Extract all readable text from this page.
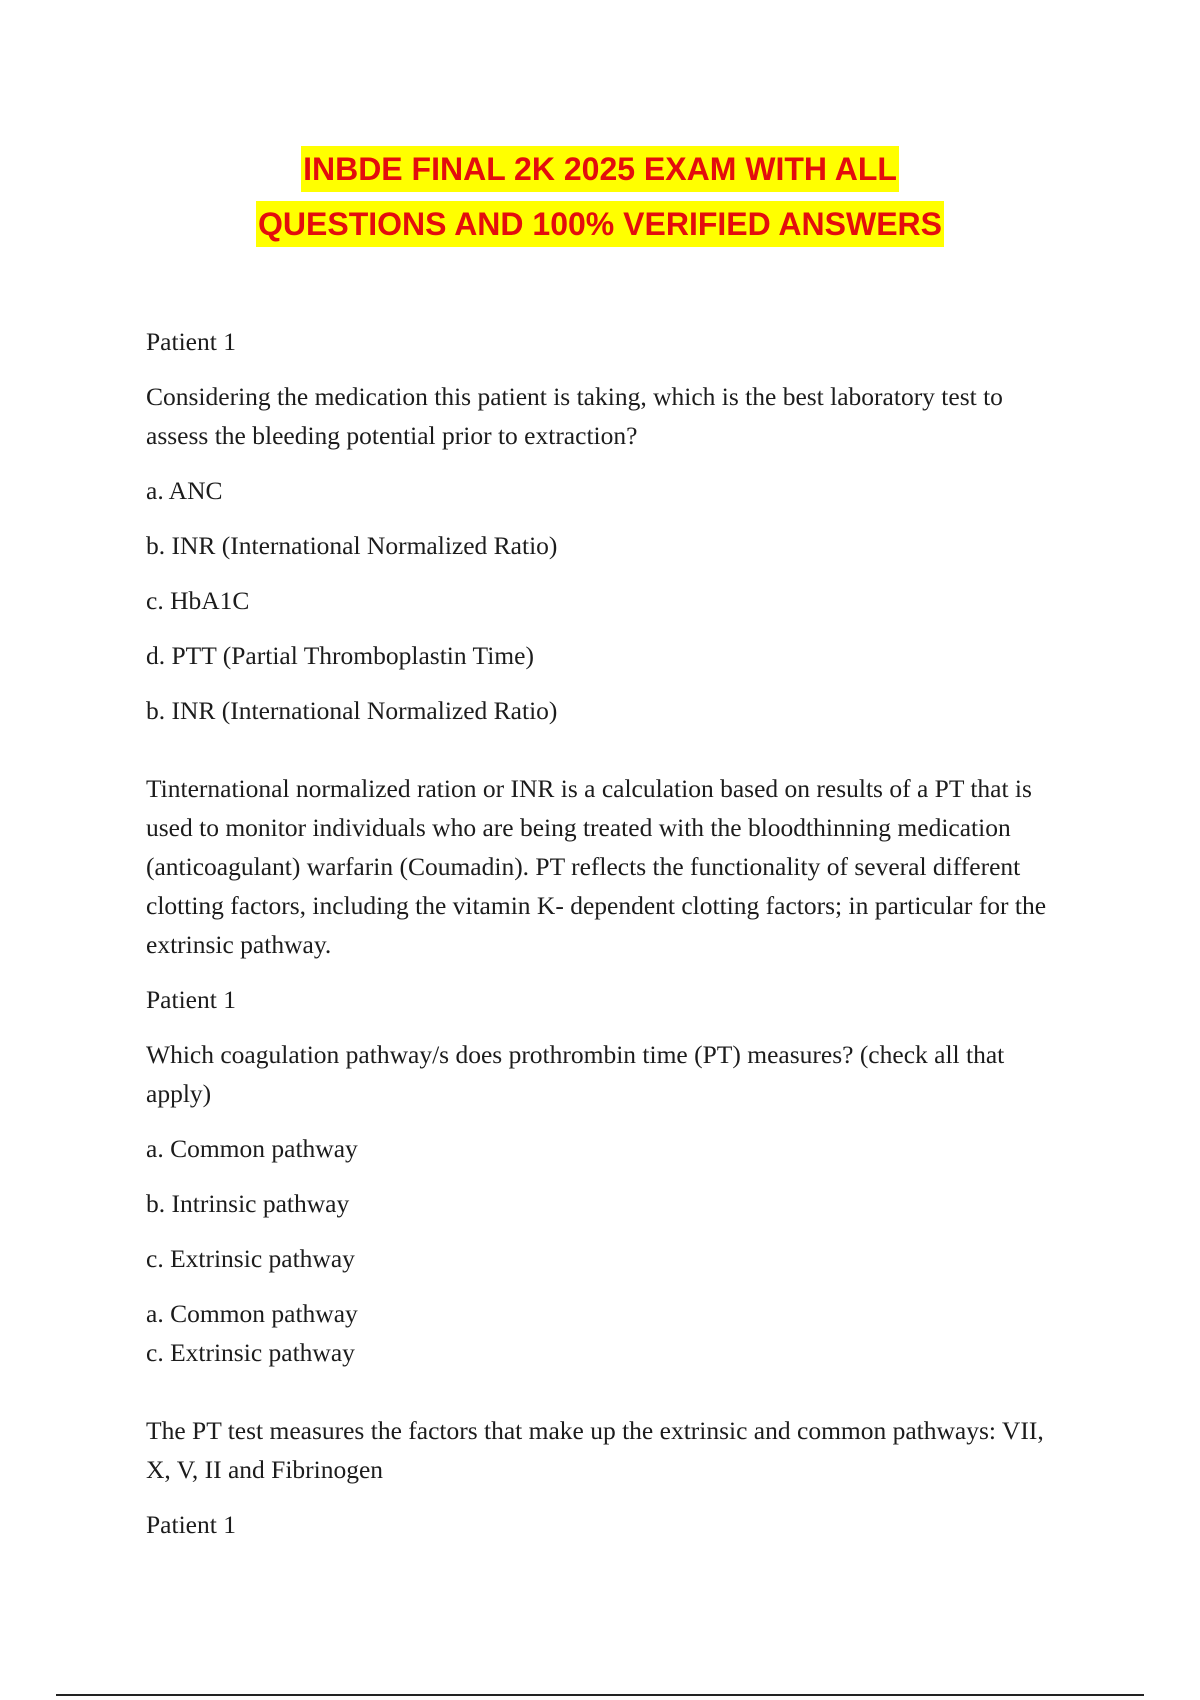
INBDE FINAL 2K 2025 EXAM WITH ALL
QUESTIONS AND 100% VERIFIED ANSWERS

Patient 1

Considering the medication this patient is taking, which is the best laboratory test to assess the bleeding potential prior to extraction?

a. ANC

b. INR (International Normalized Ratio)

c. HbA1C

d. PTT (Partial Thromboplastin Time)

b. INR (International Normalized Ratio)

Tinternational normalized ration or INR is a calculation based on results of a PT that is used to monitor individuals who are being treated with the bloodthinning medication (anticoagulant) warfarin (Coumadin). PT reflects the functionality of several different clotting factors, including the vitamin K- dependent clotting factors; in particular for the extrinsic pathway.

Patient 1

Which coagulation pathway/s does prothrombin time (PT) measures? (check all that apply)

a. Common pathway

b. Intrinsic pathway

c. Extrinsic pathway

a. Common pathway

c. Extrinsic pathway

The PT test measures the factors that make up the extrinsic and common pathways: VII, X, V, II and Fibrinogen

Patient 1
